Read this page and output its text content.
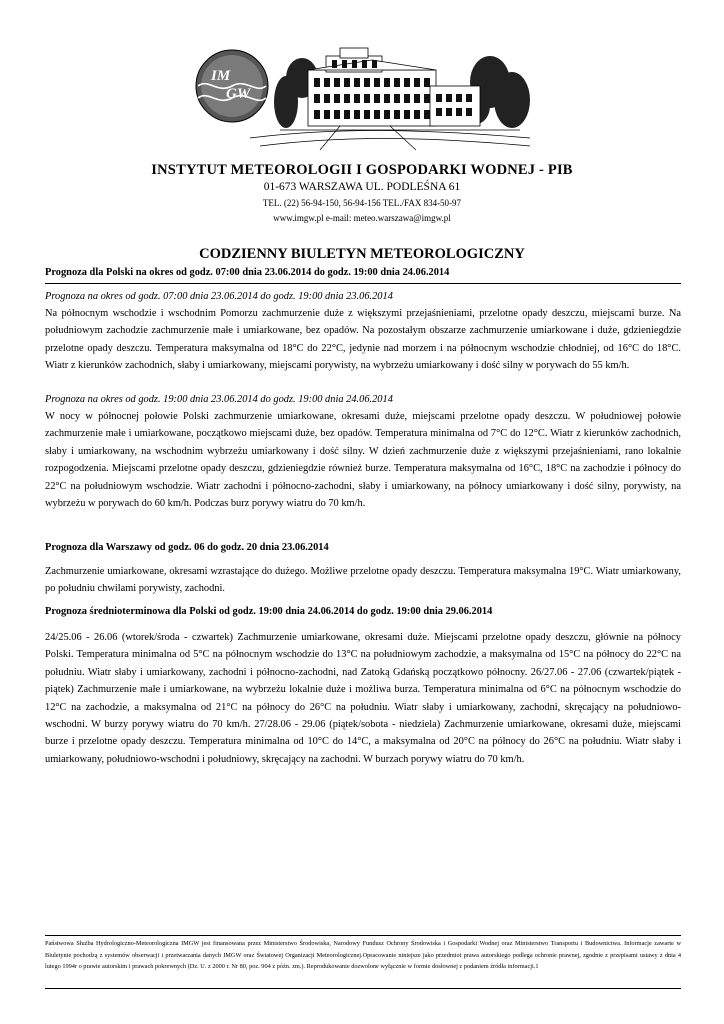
IM
GW
INSTYTUT METEOROLOGII I GOSPODARKI WODNEJ - PIB
01-673 WARSZAWA UL. PODLEŚNA 61
TEL. (22) 56-94-150, 56-94-156 TEL./FAX 834-50-97
www.imgw.pl e-mail: meteo.warszawa@imgw.pl
CODZIENNY BIULETYN METEOROLOGICZNY
Prognoza dla Polski na okres od godz. 07:00 dnia 23.06.2014 do godz. 19:00 dnia 24.06.2014
Prognoza na okres od godz. 07:00 dnia 23.06.2014 do godz. 19:00 dnia 23.06.2014
Na północnym wschodzie i wschodnim Pomorzu zachmurzenie duże z większymi przejaśnieniami, przelotne opady deszczu, miejscami burze. Na południowym zachodzie zachmurzenie małe i umiarkowane, bez opadów. Na pozostałym obszarze zachmurzenie umiarkowane i duże, gdzieniegdzie przelotne opady deszczu. Temperatura maksymalna od 18°C do 22°C, jedynie nad morzem i na północnym wschodzie chłodniej, od 16°C do 18°C. Wiatr z kierunków zachodnich, słaby i umiarkowany, miejscami porywisty, na wybrzeżu umiarkowany i dość silny w porywach do 55 km/h.
Prognoza na okres od godz. 19:00 dnia 23.06.2014 do godz. 19:00 dnia 24.06.2014
W nocy w północnej połowie Polski zachmurzenie umiarkowane, okresami duże, miejscami przelotne opady deszczu. W południowej połowie zachmurzenie małe i umiarkowane, początkowo miejscami duże, bez opadów. Temperatura minimalna od 7°C do 12°C. Wiatr z kierunków zachodnich, słaby i umiarkowany, na wschodnim wybrzeżu umiarkowany i dość silny. W dzień zachmurzenie duże z większymi przejaśnieniami, rano lokalnie rozpogodzenia. Miejscami przelotne opady deszczu, gdzieniegdzie również burze. Temperatura maksymalna od 16°C, 18°C na zachodzie i północy do 22°C na południowym wschodzie. Wiatr zachodni i północno-zachodni, słaby i umiarkowany, na północy umiarkowany i dość silny, porywisty, na wybrzeżu w porywach do 60 km/h. Podczas burz porywy wiatru do 70 km/h.
Prognoza dla Warszawy od godz. 06 do godz. 20 dnia 23.06.2014
Zachmurzenie umiarkowane, okresami wzrastające do dużego. Możliwe przelotne opady deszczu. Temperatura maksymalna 19°C. Wiatr umiarkowany, po południu chwilami porywisty, zachodni.
Prognoza średnioterminowa dla Polski od godz. 19:00 dnia 24.06.2014 do godz. 19:00 dnia 29.06.2014
24/25.06 - 26.06 (wtorek/środa - czwartek) Zachmurzenie umiarkowane, okresami duże. Miejscami przelotne opady deszczu, głównie na północy Polski. Temperatura minimalna od 5°C na północnym wschodzie do 13°C na południowym zachodzie, a maksymalna od 15°C na północy do 22°C na południu. Wiatr słaby i umiarkowany, zachodni i północno-zachodni, nad Zatoką Gdańską początkowo północny. 26/27.06 - 27.06 (czwartek/piątek - piątek) Zachmurzenie małe i umiarkowane, na wybrzeżu lokalnie duże i możliwa burza. Temperatura minimalna od 6°C na północnym wschodzie do 12°C na zachodzie, a maksymalna od 21°C na północy do 26°C na południu. Wiatr słaby i umiarkowany, zachodni, skręcający na południowo-wschodni. W burzy porywy wiatru do 70 km/h. 27/28.06 - 29.06 (piątek/sobota - niedziela) Zachmurzenie umiarkowane, okresami duże, miejscami burze i przelotne opady deszczu. Temperatura minimalna od 10°C do 14°C, a maksymalna od 20°C na północy do 26°C na południu. Wiatr słaby i umiarkowany, południowo-wschodni i południowy, skręcający na zachodni. W burzach porywy wiatru do 70 km/h.
Państwowa Służba Hydrologiczno-Meteorologiczna IMGW jest finansowana przez Ministerstwo Środowiska, Narodowy Fundusz Ochrony Środowiska i Gospodarki Wodnej oraz Ministerstwo Transportu i Budownictwa. Informacje zawarte w Biuletynie pochodzą z systemów obserwacji i przetwarzania danych IMGW oraz Światowej Organizacji Meteorologicznej.Opracowanie niniejsze jako przedmiot prawa autorskiego podlega ochronie prawnej, zgodnie z przepisami ustawy z dnia 4 lutego 1994r o prawie autorskim i prawach pokrewnych (Dz. U. z 2000 r. Nr 80, poz. 904 z późn. zm.). Reprodukowanie dozwolone wyłącznie w formie dosłownej z podaniem źródła informacji.1
